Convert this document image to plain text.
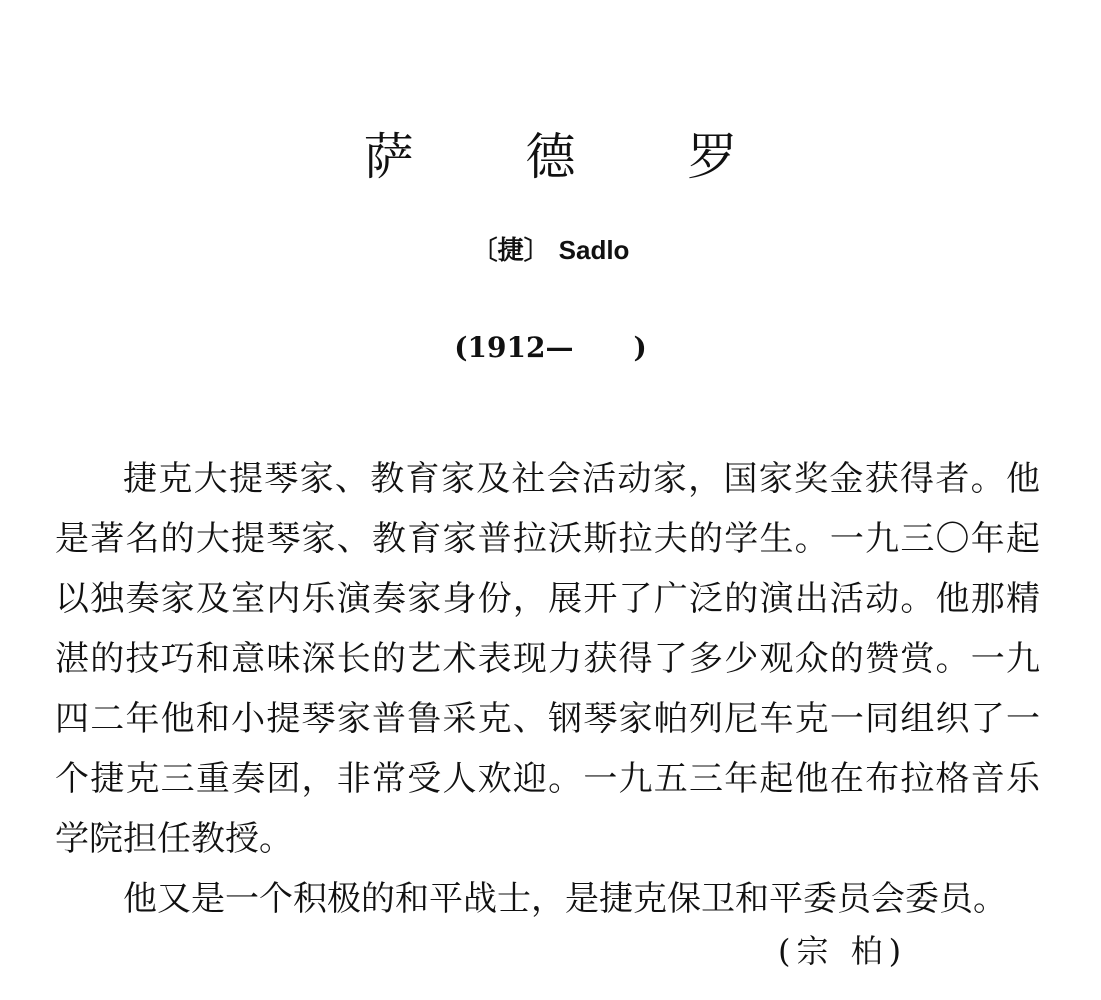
萨 德 罗
〔捷〕 Sadlo
(1912— )

捷克大提琴家、教育家及社会活动家，国家奖金获得者。他是著名的大提琴家、教育家普拉沃斯拉夫的学生。一九三〇年起以独奏家及室内乐演奏家身份，展开了广泛的演出活动。他那精湛的技巧和意味深长的艺术表现力获得了多少观众的赞赏。一九四二年他和小提琴家普鲁采克、钢琴家帕列尼车克一同组织了一个捷克三重奏团，非常受人欢迎。一九五三年起他在布拉格音乐学院担任教授。

他又是一个积极的和平战士，是捷克保卫和平委员会委员。

(宗 柏)
